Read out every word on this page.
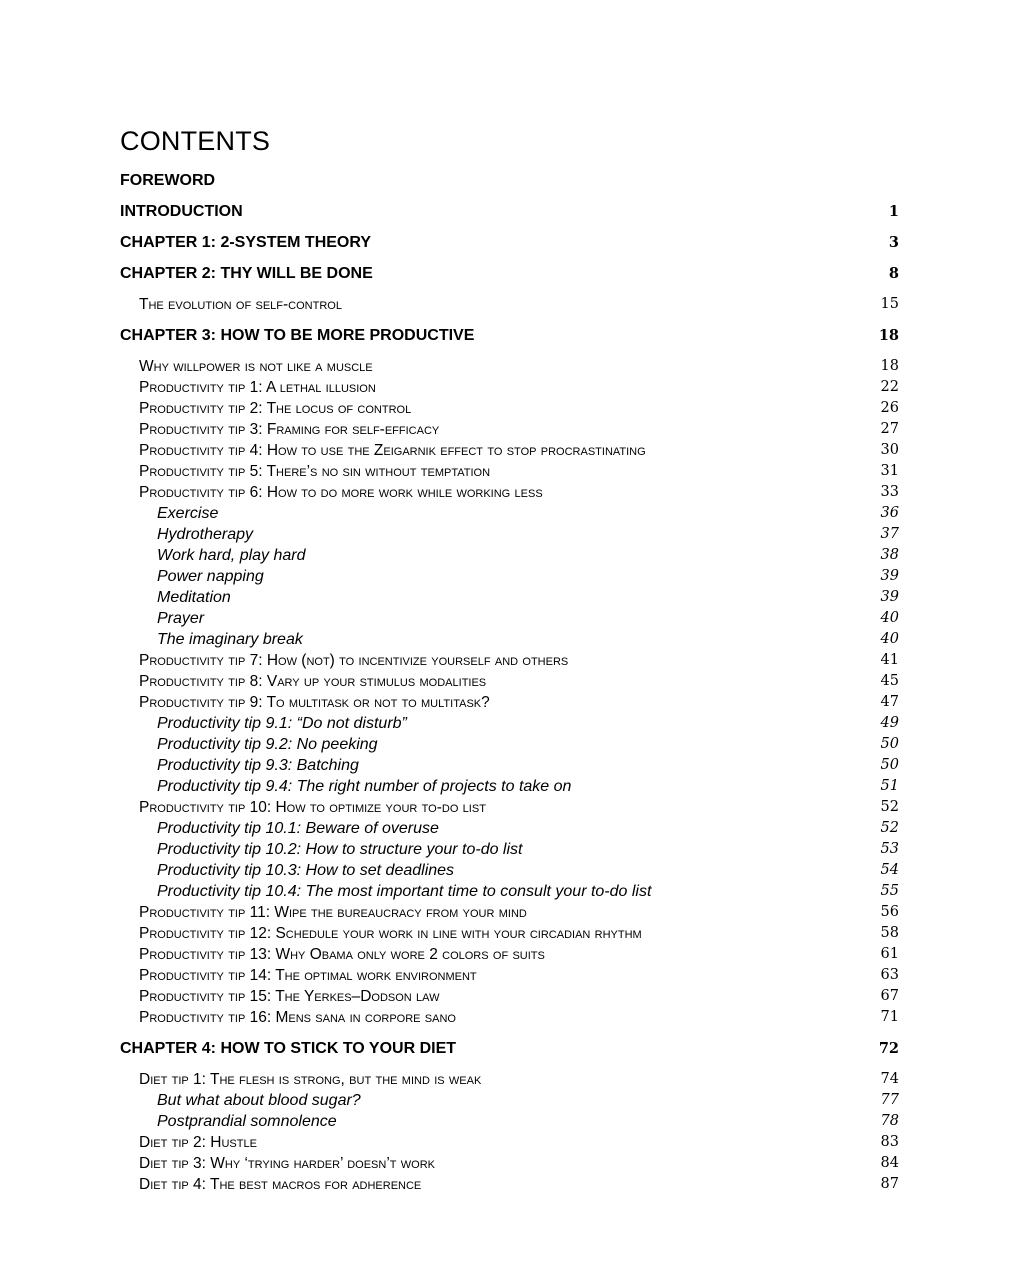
CONTENTS
FOREWORD
INTRODUCTION	1
CHAPTER 1: 2-SYSTEM THEORY	3
CHAPTER 2: THY WILL BE DONE	8
The evolution of self-control	15
CHAPTER 3: HOW TO BE MORE PRODUCTIVE	18
Why willpower is not like a muscle	18
Productivity tip 1: A lethal illusion	22
Productivity tip 2: The locus of control	26
Productivity tip 3: Framing for self-efficacy	27
Productivity tip 4: How to use the Zeigarnik effect to stop procrastinating	30
Productivity tip 5: There’s no sin without temptation	31
Productivity tip 6: How to do more work while working less	33
Exercise	36
Hydrotherapy	37
Work hard, play hard	38
Power napping	39
Meditation	39
Prayer	40
The imaginary break	40
Productivity tip 7: How (not) to incentivize yourself and others	41
Productivity tip 8: Vary up your stimulus modalities	45
Productivity tip 9: To multitask or not to multitask?	47
Productivity tip 9.1: “Do not disturb”	49
Productivity tip 9.2: No peeking	50
Productivity tip 9.3: Batching	50
Productivity tip 9.4: The right number of projects to take on	51
Productivity tip 10: How to optimize your to-do list	52
Productivity tip 10.1: Beware of overuse	52
Productivity tip 10.2: How to structure your to-do list	53
Productivity tip 10.3: How to set deadlines	54
Productivity tip 10.4: The most important time to consult your to-do list	55
Productivity tip 11: Wipe the bureaucracy from your mind	56
Productivity tip 12: Schedule your work in line with your circadian rhythm	58
Productivity tip 13: Why Obama only wore 2 colors of suits	61
Productivity tip 14: The optimal work environment	63
Productivity tip 15: The Yerkes–Dodson law	67
Productivity tip 16: Mens sana in corpore sano	71
CHAPTER 4: HOW TO STICK TO YOUR DIET	72
Diet tip 1: The flesh is strong, but the mind is weak	74
But what about blood sugar?	77
Postprandial somnolence	78
Diet tip 2: Hustle	83
Diet tip 3: Why ‘trying harder’ doesn’t work	84
Diet tip 4: The best macros for adherence	87
